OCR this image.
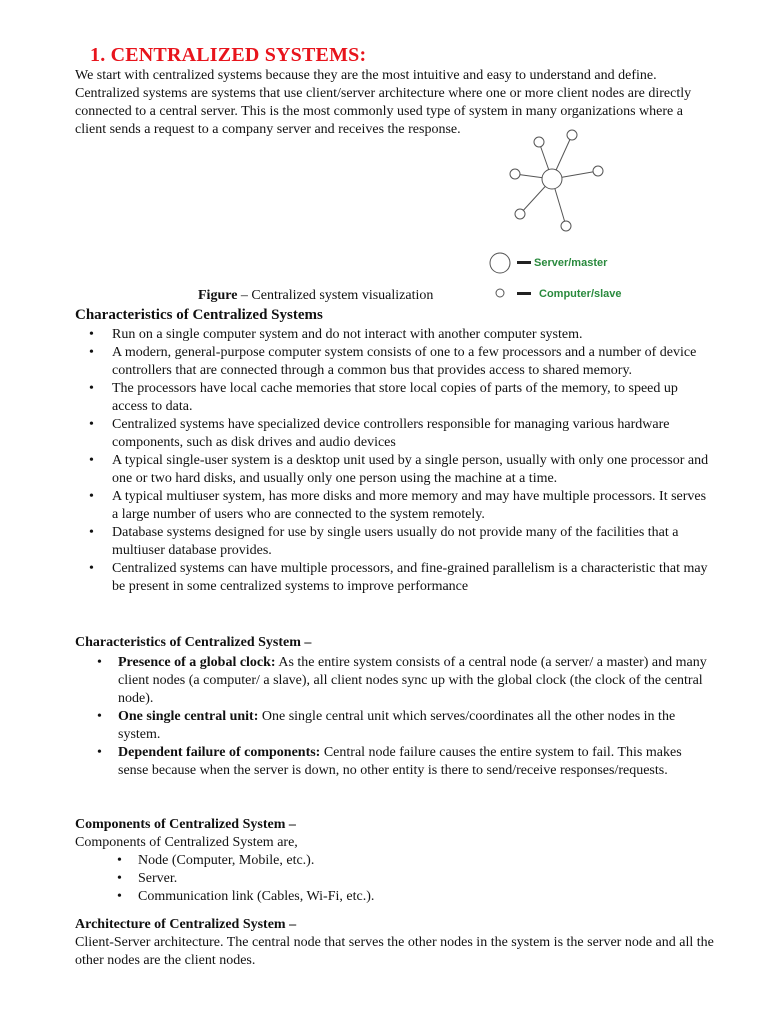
1. CENTRALIZED SYSTEMS:

We start with centralized systems because they are the most intuitive and easy to understand and define. Centralized systems are systems that use client/server architecture where one or more client nodes are directly connected to a central server. This is the most commonly used type of system in many organizations where a client sends a request to a company server and receives the response.

Server/master
Computer/slave

Figure – Centralized system visualization

Characteristics of Centralized Systems
• Run on a single computer system and do not interact with another computer system.
• A modern, general-purpose computer system consists of one to a few processors and a number of device controllers that are connected through a common bus that provides access to shared memory.
• The processors have local cache memories that store local copies of parts of the memory, to speed up access to data.
• Centralized systems have specialized device controllers responsible for managing various hardware components, such as disk drives and audio devices
• A typical single-user system is a desktop unit used by a single person, usually with only one processor and one or two hard disks, and usually only one person using the machine at a time.
• A typical multiuser system, has more disks and more memory and may have multiple processors. It serves a large number of users who are connected to the system remotely.
• Database systems designed for use by single users usually do not provide many of the facilities that a multiuser database provides.
• Centralized systems can have multiple processors, and fine-grained parallelism is a characteristic that may be present in some centralized systems to improve performance
Characteristics of Centralized System –
• Presence of a global clock: As the entire system consists of a central node (a server/ a master) and many client nodes (a computer/ a slave), all client nodes sync up with the global clock (the clock of the central node).
• One single central unit: One single central unit which serves/coordinates all the other nodes in the system.
• Dependent failure of components: Central node failure causes the entire system to fail. This makes sense because when the server is down, no other entity is there to send/receive responses/requests.
Components of Centralized System –

Components of Centralized System are,

• Node (Computer, Mobile, etc.).
• Server.
• Communication link (Cables, Wi-Fi, etc.).
Architecture of Centralized System –

Client-Server architecture. The central node that serves the other nodes in the system is the server node and all the other nodes are the client nodes.
